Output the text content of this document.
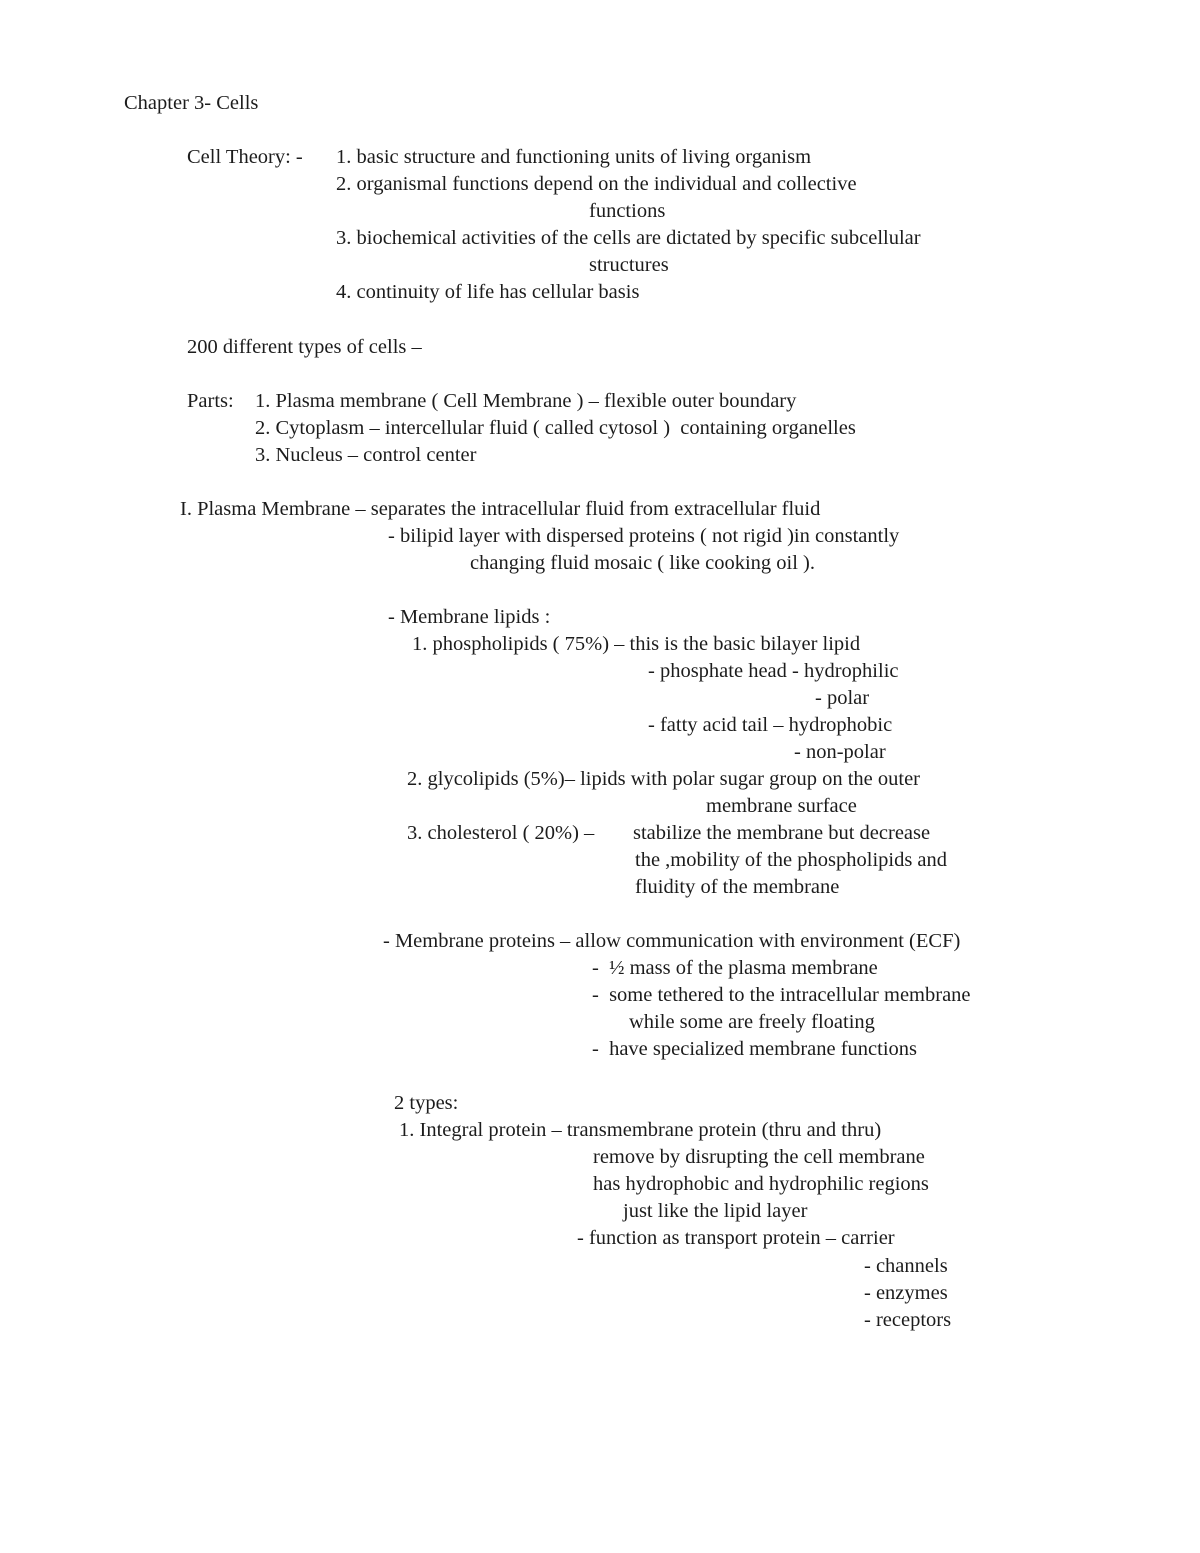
Chapter 3- Cells
Cell Theory: - 1. basic structure and functioning units of living organism
2. organismal functions depend on the individual and collective
functions
3. biochemical activities of the cells are dictated by specific subcellular
structures
4. continuity of life has cellular basis
200 different types of cells –
Parts: 1. Plasma membrane ( Cell Membrane ) – flexible outer boundary
2. Cytoplasm – intercellular fluid ( called cytosol )  containing organelles
3. Nucleus – control center
I. Plasma Membrane – separates the intracellular fluid from extracellular fluid
- bilipid layer with dispersed proteins ( not rigid )in constantly
changing fluid mosaic ( like cooking oil ).
- Membrane lipids :
1. phospholipids ( 75%) – this is the basic bilayer lipid
- phosphate head - hydrophilic
- polar
- fatty acid tail – hydrophobic
- non-polar
2. glycolipids (5%)– lipids with polar sugar group on the outer
membrane surface
3. cholesterol ( 20%) – stabilize the membrane but decrease
the ,mobility of the phospholipids and
fluidity of the membrane
- Membrane proteins – allow communication with environment (ECF)
-  ½ mass of the plasma membrane
-  some tethered to the intracellular membrane
while some are freely floating
-  have specialized membrane functions
2 types:
1. Integral protein – transmembrane protein (thru and thru)
remove by disrupting the cell membrane
has hydrophobic and hydrophilic regions
just like the lipid layer
- function as transport protein – carrier
- channels
- enzymes
- receptors
